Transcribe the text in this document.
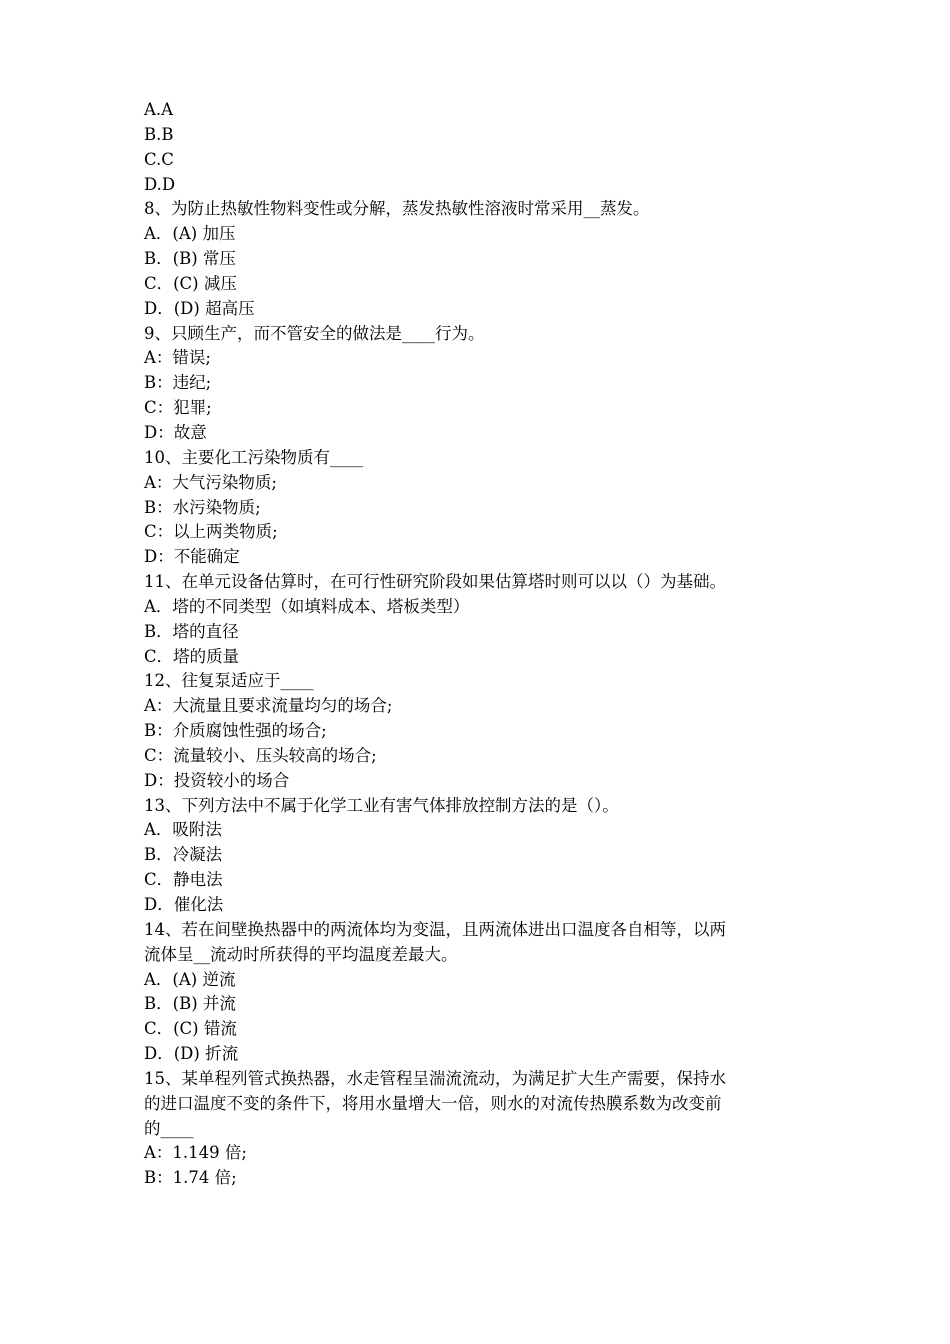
A.A
B.B
C.C
D.D
8、为防止热敏性物料变性或分解，蒸发热敏性溶液时常采用__蒸发。
A．(A) 加压
B．(B) 常压
C．(C) 减压
D．(D) 超高压
9、只顾生产，而不管安全的做法是____行为。
A：错误;
B：违纪;
C：犯罪;
D：故意
10、主要化工污染物质有____
A：大气污染物质;
B：水污染物质;
C：以上两类物质;
D：不能确定
11、在单元设备估算时，在可行性研究阶段如果估算塔时则可以以（）为基础。
A．塔的不同类型（如填料成本、塔板类型）
B．塔的直径
C．塔的质量
12、往复泵适应于____
A：大流量且要求流量均匀的场合;
B：介质腐蚀性强的场合;
C：流量较小、压头较高的场合;
D：投资较小的场合
13、下列方法中不属于化学工业有害气体排放控制方法的是（）。
A．吸附法
B．冷凝法
C．静电法
D．催化法
14、若在间壁换热器中的两流体均为变温，且两流体进出口温度各自相等，以两
流体呈__流动时所获得的平均温度差最大。
A．(A) 逆流
B．(B) 并流
C．(C) 错流
D．(D) 折流
15、某单程列管式换热器，水走管程呈湍流流动，为满足扩大生产需要，保持水
的进口温度不变的条件下，将用水量增大一倍，则水的对流传热膜系数为改变前
的____
A：1.149 倍;
B：1.74 倍;
